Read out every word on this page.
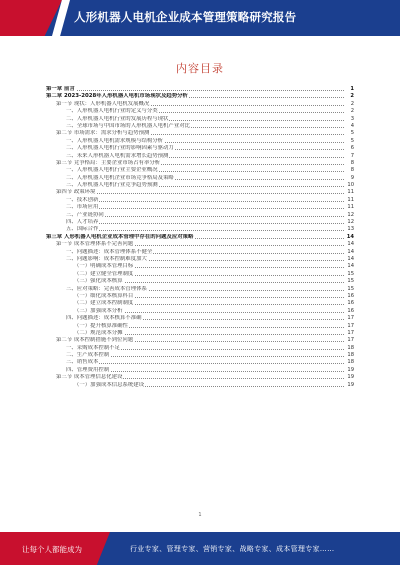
人形机器人电机企业成本管理策略研究报告
内容目录
第一章 前言	1
第二章 2023-2028年人形机器人电机市场现状及趋势分析	2
第一节 现状：人形机器人电机发展概况	2
一、人形机器人电机行业的定义与分类	2
二、人形机器人电机行业的发展历程与现状	3
三、全球市场与中国市场的人形机器人电机产业对比	4
第二节 市场需求：需求分析与趋势预测	5
一、人形机器人电机需求规模与结构分析	5
二、人形机器人电机行业的影响因素与驱动力	6
三、未来人形机器人电机需求增长趋势预测	7
第三节 竞争格局：主要企业市场占有率分析	8
一、人形机器人电机行业主要企业概况	8
二、人形机器人电机企业市场竞争格局及策略	9
三、人形机器人电机行业竞争趋势预测	10
第四节 政策环境	11
一、技术创新	11
二、市场应用	11
三、产业链协同	12
四、人才培养	12
五、国际合作	13
第三章 人形机器人电机企业成本管理中存在的问题及应对策略	14
第一节 成本管理体系不完善问题	14
一、问题描述：成本管理体系不健全	14
二、问题影响：成本控制难度加大	14
（一）明确成本管理目标	14
（二）建立健全管理制度	15
（三）强化成本核算	15
三、应对策略：完善成本管理体系	15
（一）细化成本核算科目	16
（二）建立成本控制制度	16
（三）加强成本分析	16
四、问题描述：成本核算不准确	17
（一）提升核算准确性	17
（二）规范成本分摊	17
第二节 成本控制措施不到位问题	17
一、采购成本控制不足	18
二、生产成本控制	18
三、销售成本	18
四、管理费用控制	19
第三节 成本管理信息化建设	19
（一）加强成本信息系统建设	19
1
让每个人都能成为	行业专家、管理专家、营销专家、战略专家、成本管理专家……
